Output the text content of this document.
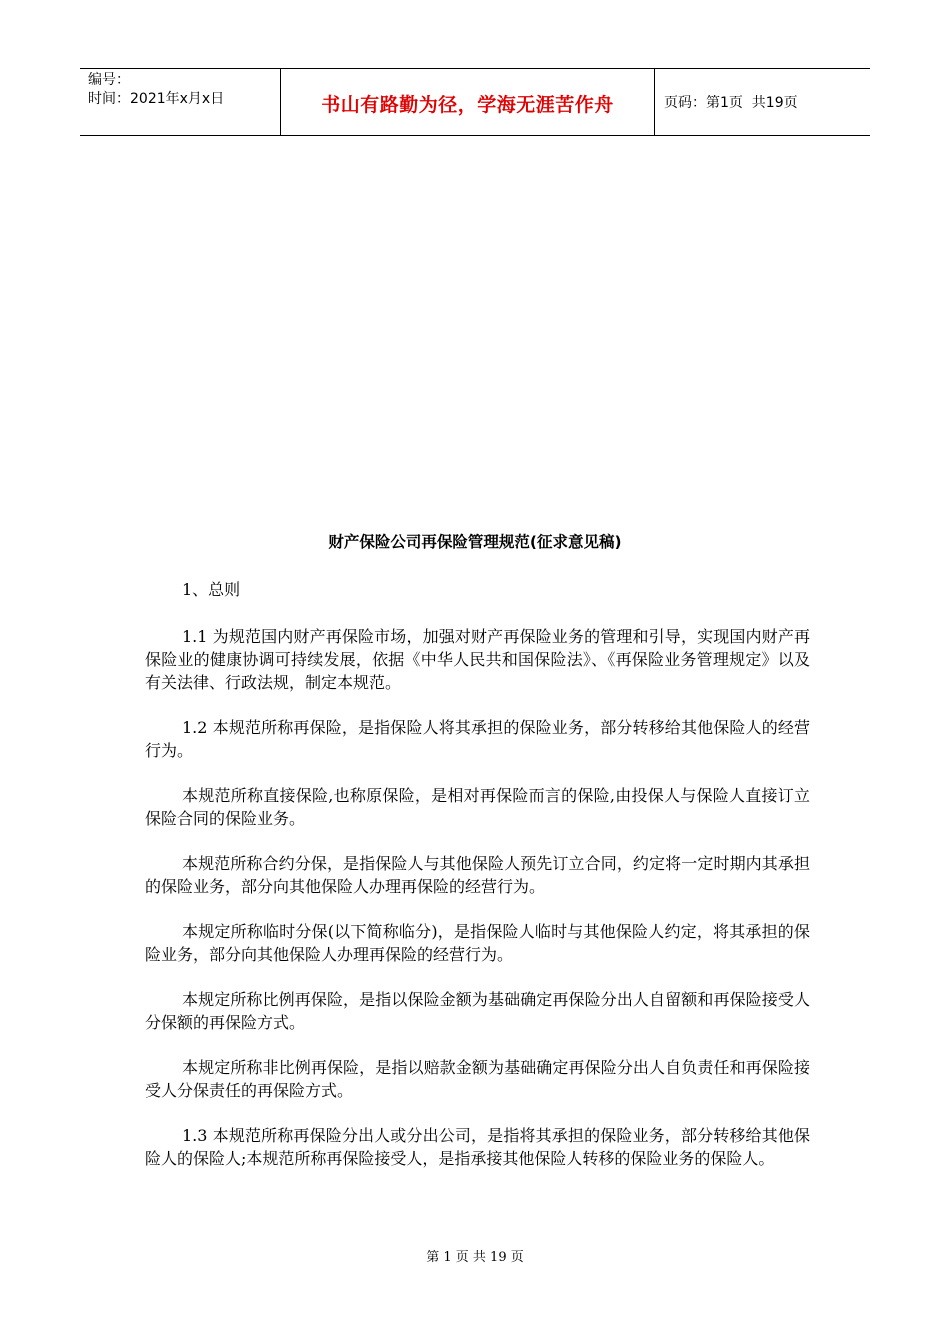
编号：
时间：2021年x月x日	书山有路勤为径，学海无涯苦作舟	页码：第1页  共19页
财产保险公司再保险管理规范(征求意见稿)

1、总则

1.1 为规范国内财产再保险市场，加强对财产再保险业务的管理和引导，实现国内财产再保险业的健康协调可持续发展，依据《中华人民共和国保险法》、《再保险业务管理规定》以及有关法律、行政法规，制定本规范。

1.2 本规范所称再保险，是指保险人将其承担的保险业务，部分转移给其他保险人的经营行为。

本规范所称直接保险,也称原保险，是相对再保险而言的保险,由投保人与保险人直接订立保险合同的保险业务。

本规范所称合约分保，是指保险人与其他保险人预先订立合同，约定将一定时期内其承担的保险业务，部分向其他保险人办理再保险的经营行为。

本规定所称临时分保(以下简称临分)，是指保险人临时与其他保险人约定，将其承担的保险业务，部分向其他保险人办理再保险的经营行为。

本规定所称比例再保险，是指以保险金额为基础确定再保险分出人自留额和再保险接受人分保额的再保险方式。

本规定所称非比例再保险，是指以赔款金额为基础确定再保险分出人自负责任和再保险接受人分保责任的再保险方式。

1.3 本规范所称再保险分出人或分出公司，是指将其承担的保险业务，部分转移给其他保险人的保险人;本规范所称再保险接受人，是指承接其他保险人转移的保险业务的保险人。

第 1 页 共 19 页
